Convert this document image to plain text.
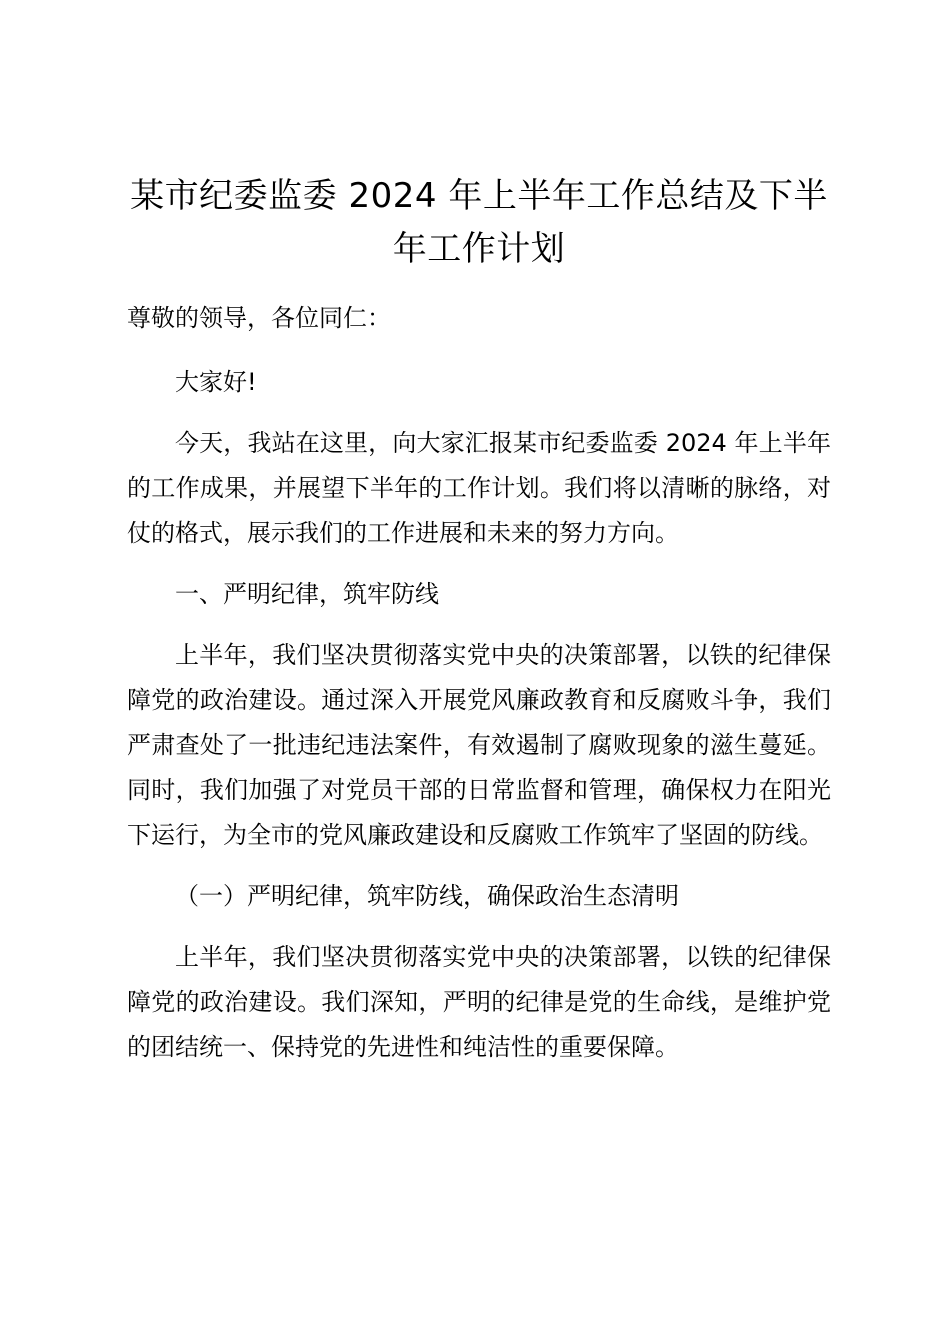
某市纪委监委 2024 年上半年工作总结及下半年工作计划

尊敬的领导，各位同仁：

大家好!

今天，我站在这里，向大家汇报某市纪委监委 2024 年上半年的工作成果，并展望下半年的工作计划。我们将以清晰的脉络，对仗的格式，展示我们的工作进展和未来的努力方向。

一、严明纪律，筑牢防线

上半年，我们坚决贯彻落实党中央的决策部署，以铁的纪律保障党的政治建设。通过深入开展党风廉政教育和反腐败斗争，我们严肃查处了一批违纪违法案件，有效遏制了腐败现象的滋生蔓延。同时，我们加强了对党员干部的日常监督和管理，确保权力在阳光下运行，为全市的党风廉政建设和反腐败工作筑牢了坚固的防线。

（一）严明纪律，筑牢防线，确保政治生态清明

上半年，我们坚决贯彻落实党中央的决策部署，以铁的纪律保障党的政治建设。我们深知，严明的纪律是党的生命线，是维护党的团结统一、保持党的先进性和纯洁性的重要保障。
